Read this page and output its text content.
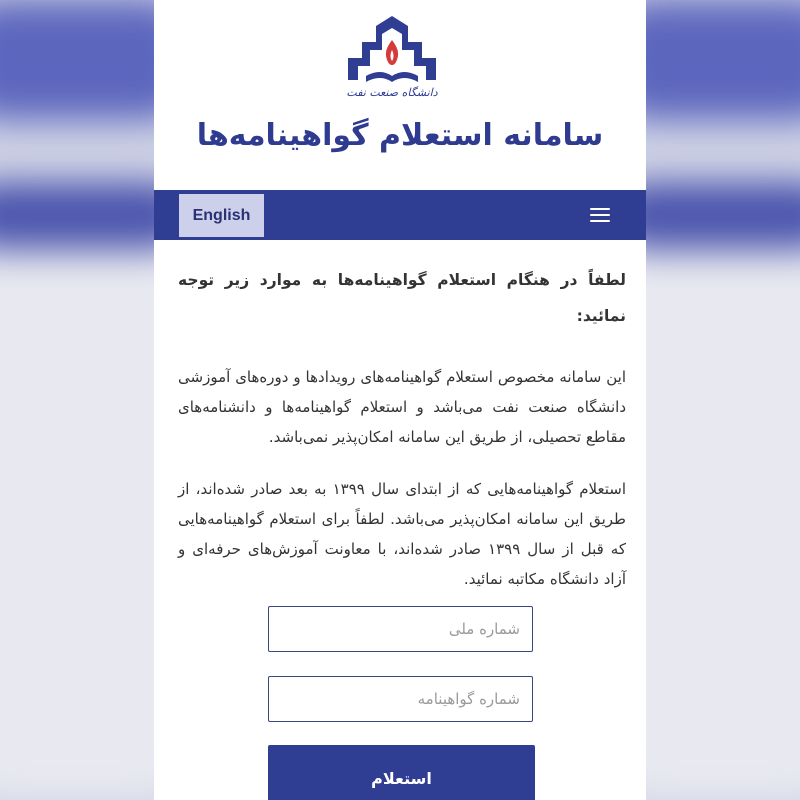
دانشگاه صنعت نفت
سامانه استعلام گواهینامه‌ها
English

لطفاً در هنگام استعلام گواهینامه‌ها به موارد زیر توجه نمائید:

این سامانه مخصوص استعلام گواهینامه‌های رویدادها و دوره‌های آموزشی دانشگاه صنعت نفت می‌باشد و استعلام گواهینامه‌ها و دانشنامه‌های مقاطع تحصیلی، از طریق این سامانه امکان‌پذیر نمی‌باشد.

استعلام گواهینامه‌هایی که از ابتدای سال ۱۳۹۹ به بعد صادر شده‌اند، از طریق این سامانه امکان‌پذیر می‌باشد. لطفاً برای استعلام گواهینامه‌هایی که قبل از سال ۱۳۹۹ صادر شده‌اند، با معاونت آموزش‌های حرفه‌ای و آزاد دانشگاه مکاتبه نمائید.

شماره ملی
شماره گواهینامه
استعلام
